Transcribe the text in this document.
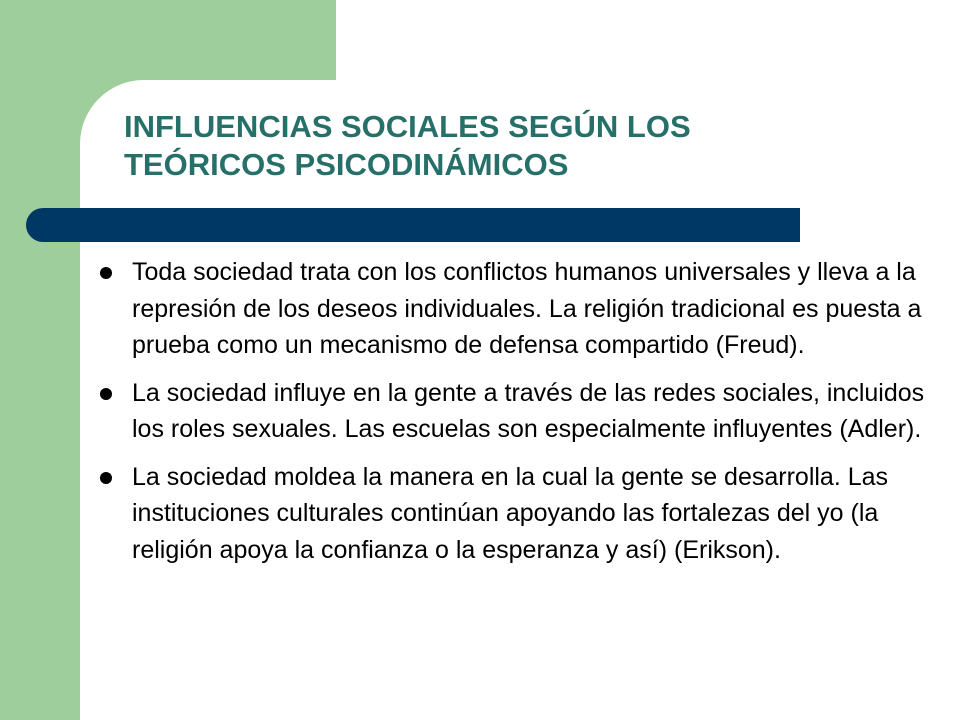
INFLUENCIAS SOCIALES SEGÚN LOS
TEÓRICOS PSICODINÁMICOS
Toda sociedad trata con los conflictos humanos universales y lleva a la represión de los deseos individuales. La religión tradicional es puesta a prueba como un mecanismo de defensa compartido (Freud).
La sociedad influye en la gente a través de las redes sociales, incluidos los roles sexuales. Las escuelas son especialmente influyentes (Adler).
La sociedad moldea la manera en la cual la gente se desarrolla. Las instituciones culturales continúan apoyando las fortalezas del yo (la religión apoya la confianza o la esperanza y así) (Erikson).
